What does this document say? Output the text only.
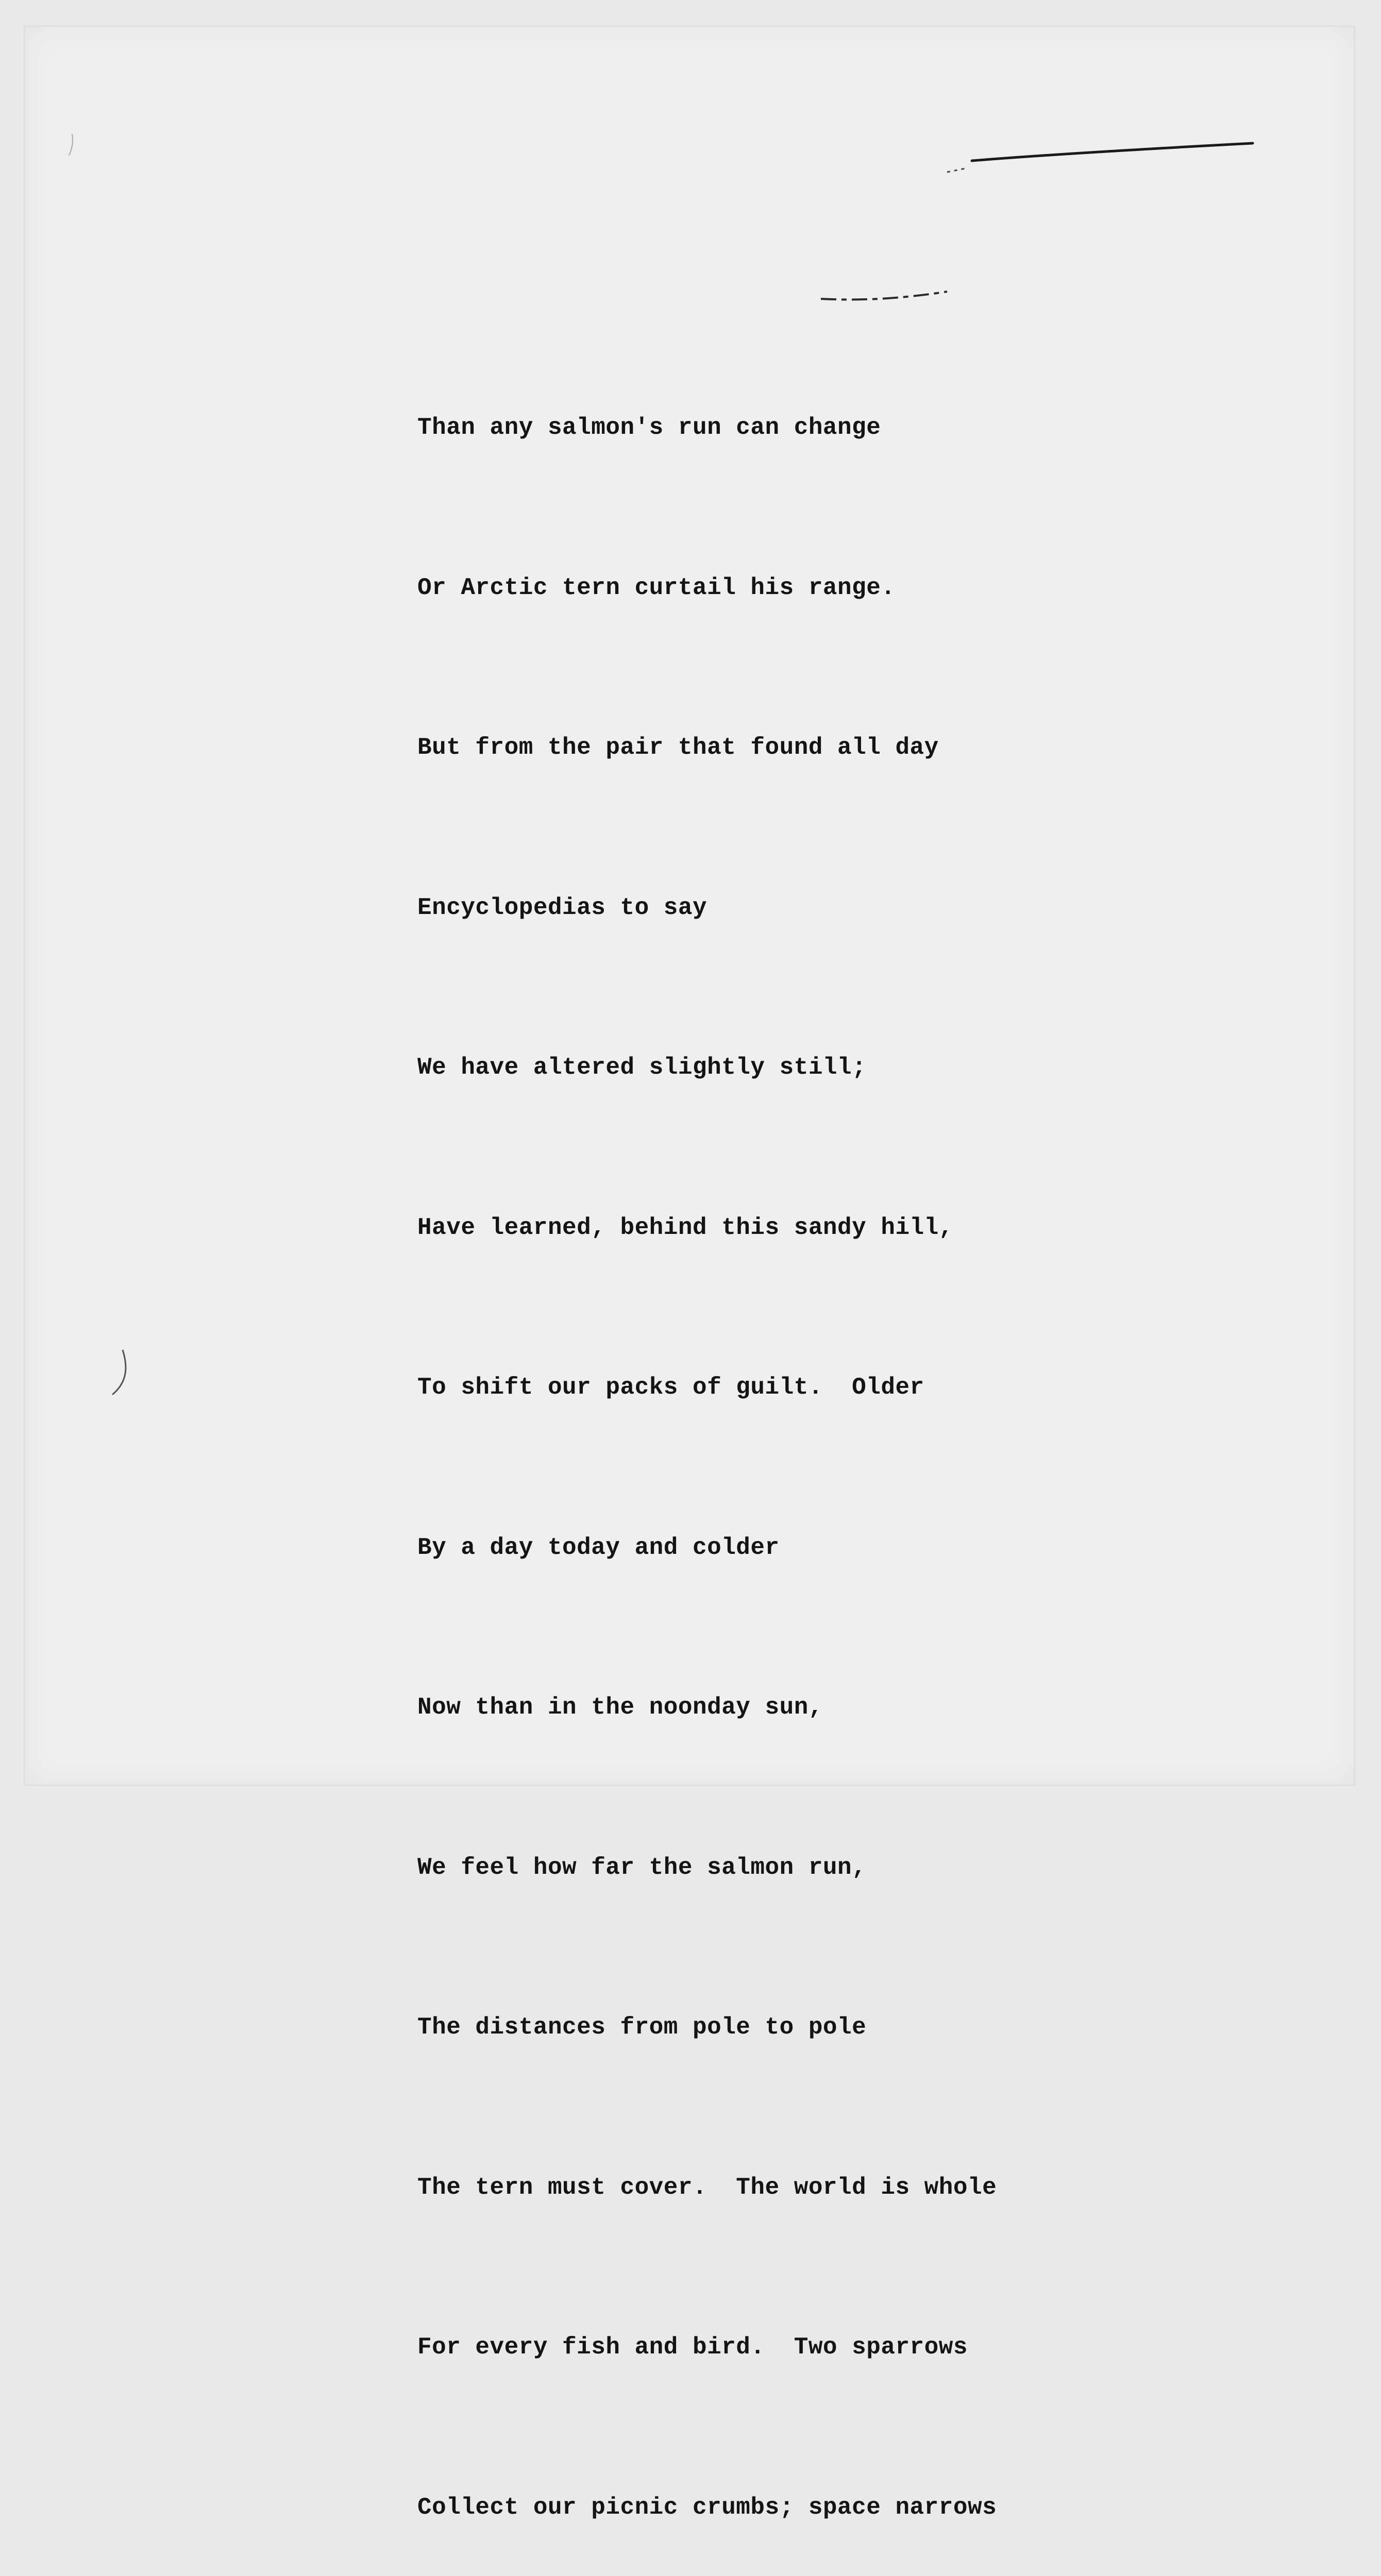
Than any salmon's run can change

Or Arctic tern curtail his range.

But from the pair that found all day

Encyclopedias to say

We have altered slightly still;

Have learned, behind this sandy hill,

To shift our packs of guilt.  Older

By a day today and colder

Now than in the noonday sun,

We feel how far the salmon run,

The distances from pole to pole

The tern must cover.  The world is whole

For every fish and bird.  Two sparrows

Collect our picnic crumbs; space narrows
